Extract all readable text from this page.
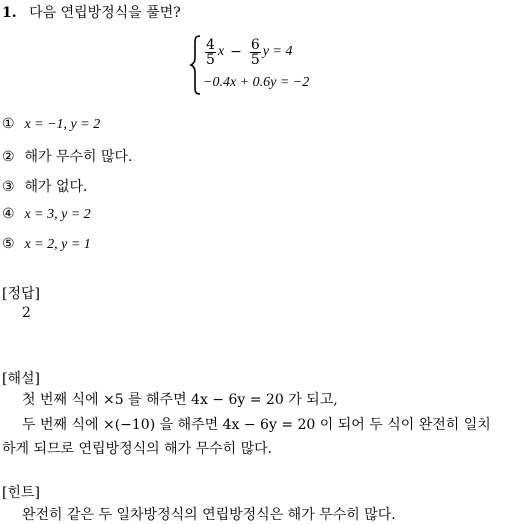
1. 다음 연립방정식을 풀면?
$\frac{4}{5}$ $x - \frac{6}{5}$ y = 4
−0.4x + 0.6y = −2
① x = −1, y = 2
② 해가 무수히 많다.
③ 해가 없다.
④ x = 3, y = 2
⑤ x = 2, y = 1
[정답]
2
[해설]
첫 번째 식에 ×5 를 해주면 4x − 6y = 20 가 되고,
두 번째 식에 ×(−10) 을 해주면 4x − 6y = 20 이 되어 두 식이 완전히 일치
하게 되므로 연립방정식의 해가 무수히 많다.
[힌트]
완전히 같은 두 일차방정식의 연립방정식은 해가 무수히 많다.
